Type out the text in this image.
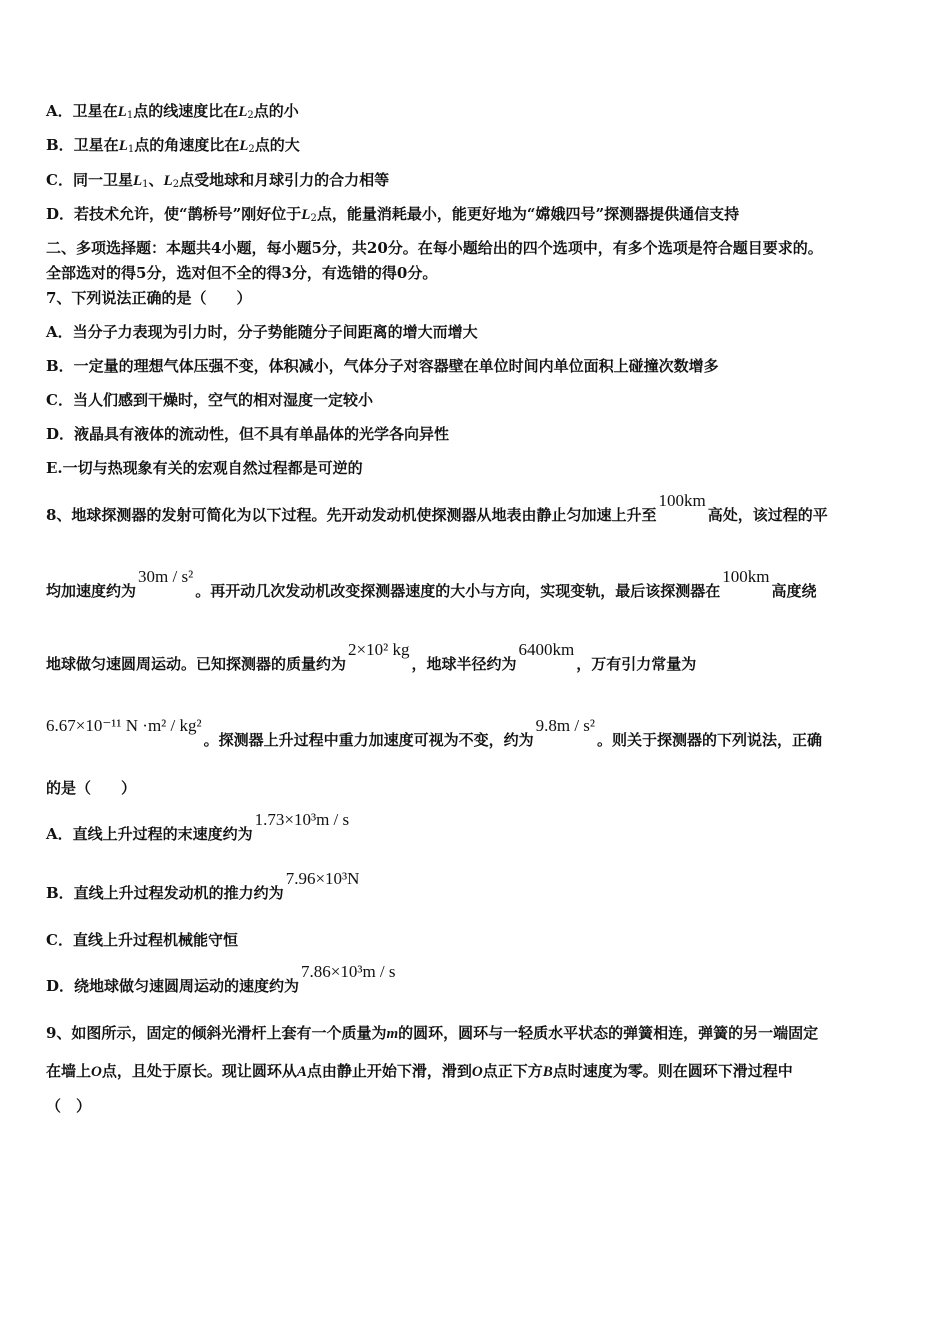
A．卫星在$L_1$点的线速度比在$L_2$点的小
B．卫星在$L_1$点的角速度比在$L_2$点的大
C．同一卫星$L_1$、$L_2$点受地球和月球引力的合力相等
D．若技术允许，使“鹊桥号”刚好位于$L_2$点，能量消耗最小，能更好地为“嫦娥四号”探测器提供通信支持
二、多项选择题：本题共4小题，每小题5分，共20分。在每小题给出的四个选项中，有多个选项是符合题目要求的。
全部选对的得5分，选对但不全的得3分，有选错的得0分。
7、下列说法正确的是（　　）
A．当分子力表现为引力时，分子势能随分子间距离的增大而增大
B．一定量的理想气体压强不变，体积减小，气体分子对容器壁在单位时间内单位面积上碰撞次数增多
C．当人们感到干燥时，空气的相对湿度一定较小
D．液晶具有液体的流动性，但不具有单晶体的光学各向异性
E.一切与热现象有关的宏观自然过程都是可逆的
8、地球探测器的发射可简化为以下过程。先开动发动机使探测器从地表由静止匀加速上升至100km高处，该过程的平
均加速度约为30m / s²。再开动几次发动机改变探测器速度的大小与方向，实现变轨，最后该探测器在100km高度绕
地球做匀速圆周运动。已知探测器的质量约为2×10² kg，地球半径约为6400km，万有引力常量为
6.67×10⁻¹¹ N ·m² / kg²。探测器上升过程中重力加速度可视为不变，约为9.8m / s²。则关于探测器的下列说法，正确
的是（　　）
A．直线上升过程的末速度约为1.73×10³m / s
B．直线上升过程发动机的推力约为7.96×10³N
C．直线上升过程机械能守恒
D．绕地球做匀速圆周运动的速度约为7.86×10³m / s
9、如图所示，固定的倾斜光滑杆上套有一个质量为m的圆环，圆环与一轻质水平状态的弹簧相连，弹簧的另一端固定
在墙上O点，且处于原长。现让圆环从A点由静止开始下滑，滑到O点正下方B点时速度为零。则在圆环下滑过程中
（　）
